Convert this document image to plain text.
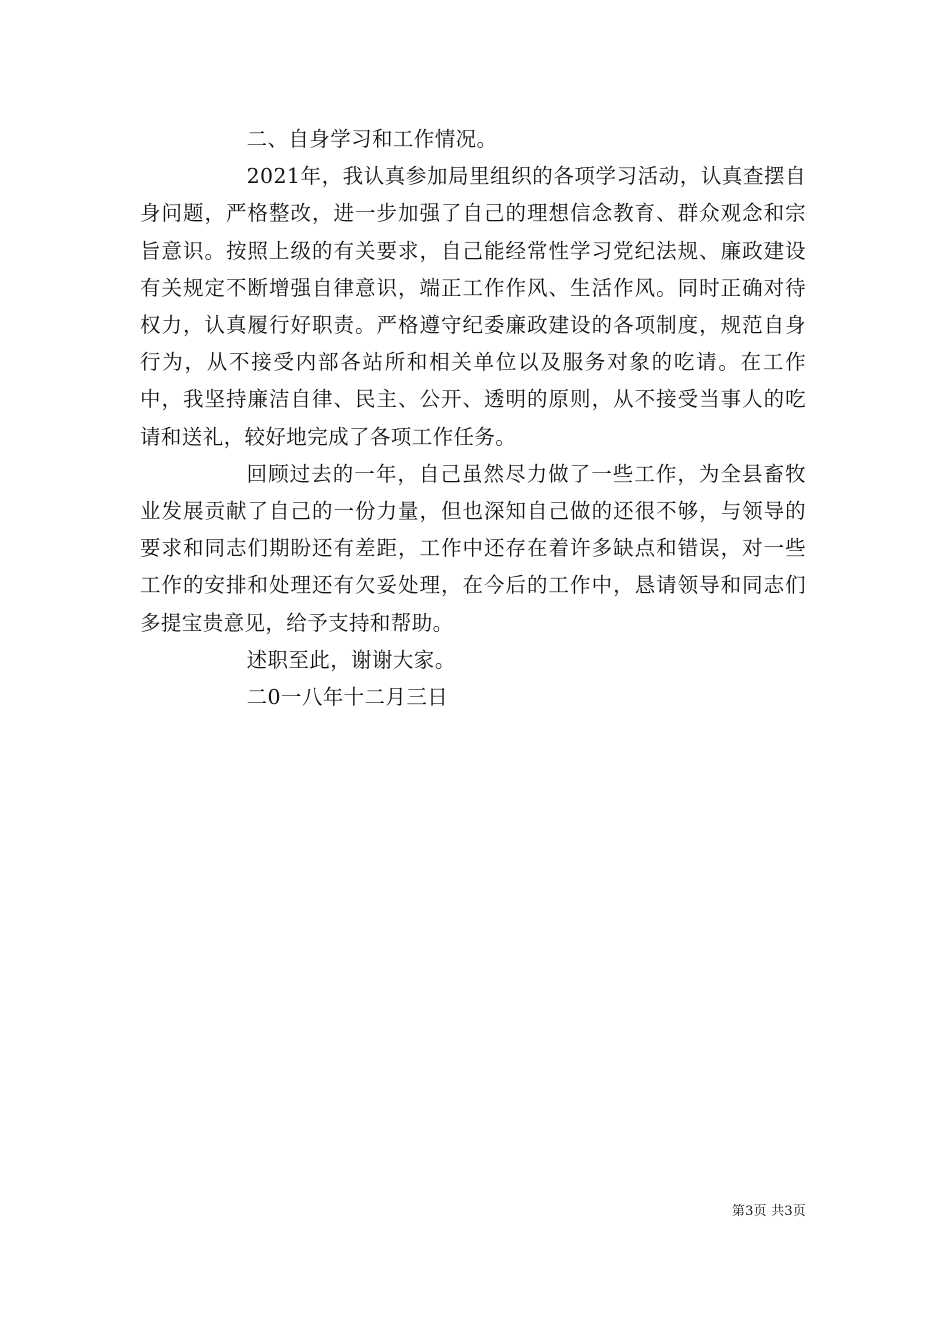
二、自身学习和工作情况。

2021年，我认真参加局里组织的各项学习活动，认真查摆自身问题，严格整改，进一步加强了自己的理想信念教育、群众观念和宗旨意识。按照上级的有关要求，自己能经常性学习党纪法规、廉政建设有关规定不断增强自律意识，端正工作作风、生活作风。同时正确对待权力，认真履行好职责。严格遵守纪委廉政建设的各项制度，规范自身行为，从不接受内部各站所和相关单位以及服务对象的吃请。在工作中，我坚持廉洁自律、民主、公开、透明的原则，从不接受当事人的吃请和送礼，较好地完成了各项工作任务。

回顾过去的一年，自己虽然尽力做了一些工作，为全县畜牧业发展贡献了自己的一份力量，但也深知自己做的还很不够，与领导的要求和同志们期盼还有差距，工作中还存在着许多缺点和错误，对一些工作的安排和处理还有欠妥处理，在今后的工作中，恳请领导和同志们多提宝贵意见，给予支持和帮助。

述职至此，谢谢大家。

二0一八年十二月三日

第3页 共3页
